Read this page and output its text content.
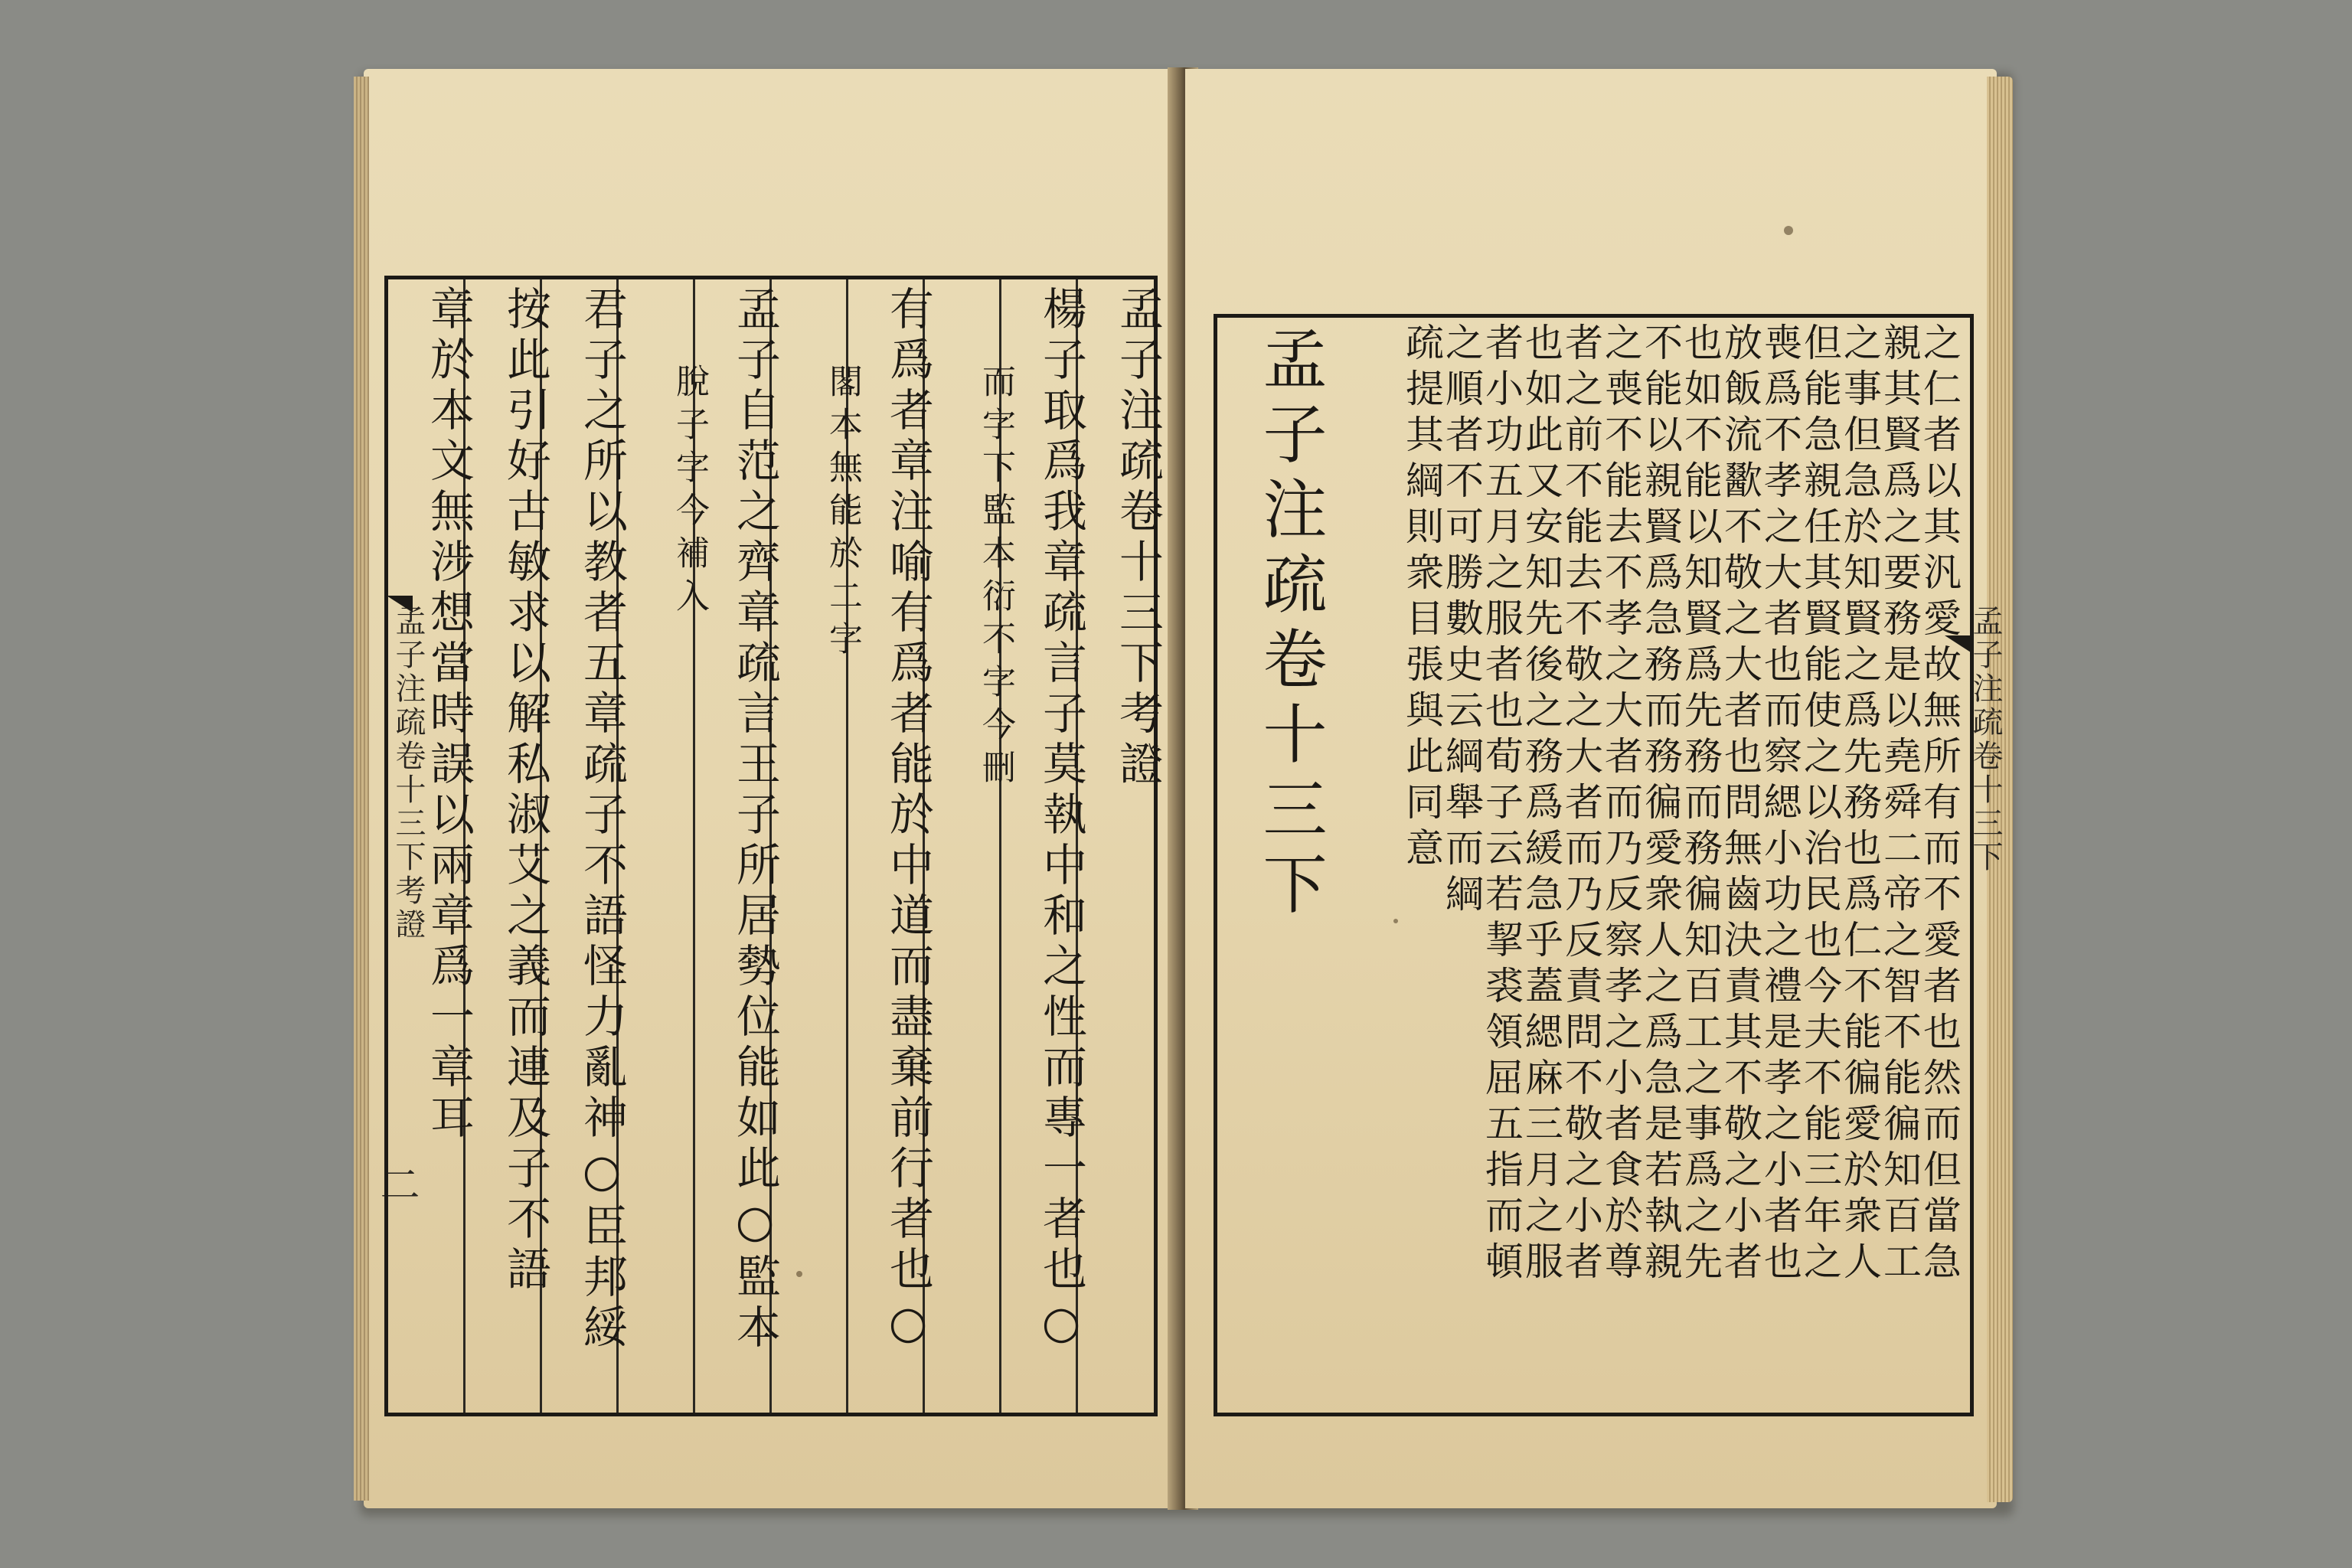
孟子注疏卷十三下考證
二
孟子注疏卷十三下考證
楊子取爲我章疏言子莫執中和之性而專一者也○
而字下監本衍不字今刪
有爲者章注喻有爲者能於中道而盡棄前行者也○
閣本無能於二字
孟子自范之齊章疏言王子所居勢位能如此○監本
脫子字今補入
君子之所以教者五章疏子不語怪力亂神○臣邦綏
按此引好古敏求以解私淑艾之義而連及子不語
章於本文無涉想當時誤以兩章爲一章耳	孟子注疏卷十三下
孟子注疏卷十三下	之仁者以其汎愛故無所有而不愛者也然而但當急
親其賢爲之要務是以堯舜二帝之智不能徧知百工
之事但急於知賢之爲先務也爲仁不能徧愛於衆人
但能急親任其賢能使之以治民也今夫不能三年之
喪爲不孝之大者也而察緦小功之禮是孝之小者也
放飯流歠不敬之大者也問無齒決責其不敬之小者
也如不能以知賢爲先務而務徧知百工之事爲之先
不能以親賢爲急務而務徧愛衆人之爲急是若執親
之喪不能去不孝之大者而乃反察孝之小者食於尊
者之前不能去不敬之大者而乃反責問不敬之小者
也如此又安知先後之務爲緩急乎蓋緦麻三月之服
者小功五月之服者也荀子云若挈裘領屈五指而頓
之順者不可勝數史云綱舉而綱
疏提其綱則衆目張與此同意
